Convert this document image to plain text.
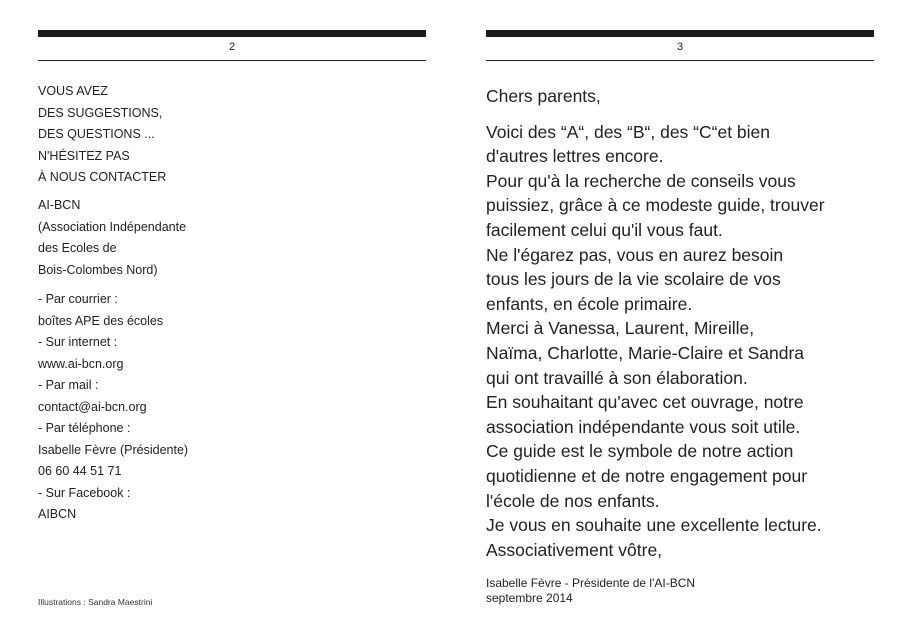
2
VOUS AVEZ
DES SUGGESTIONS,
DES QUESTIONS ...
N'HÉSITEZ PAS
À NOUS CONTACTER
AI-BCN
(Association Indépendante
des Ecoles de
Bois-Colombes Nord)
- Par courrier :
boîtes APE des écoles
- Sur internet :
www.ai-bcn.org
- Par mail :
contact@ai-bcn.org
- Par téléphone :
Isabelle Fèvre (Présidente)
06 60 44 51 71
- Sur Facebook :
AIBCN
Illustrations : Sandra Maestrini
3
Chers parents,
Voici des “A“, des “B“, des “C“et bien
d'autres lettres encore.
Pour qu'à la recherche de conseils vous
puissiez, grâce à ce modeste guide, trouver
facilement celui qu'il vous faut.
Ne l'égarez pas, vous en aurez besoin
tous les jours de la vie scolaire de vos
enfants, en école primaire.
Merci à Vanessa, Laurent, Mireille,
Naïma, Charlotte, Marie-Claire et Sandra
qui ont travaillé à son élaboration.
En souhaitant qu'avec cet ouvrage, notre
association indépendante vous soit utile.
Ce guide est le symbole de notre action
quotidienne et de notre engagement pour
l'école de nos enfants.
Je vous en souhaite une excellente lecture.
Associativement vôtre,
Isabelle Fèvre - Présidente de l'AI-BCN
septembre 2014
